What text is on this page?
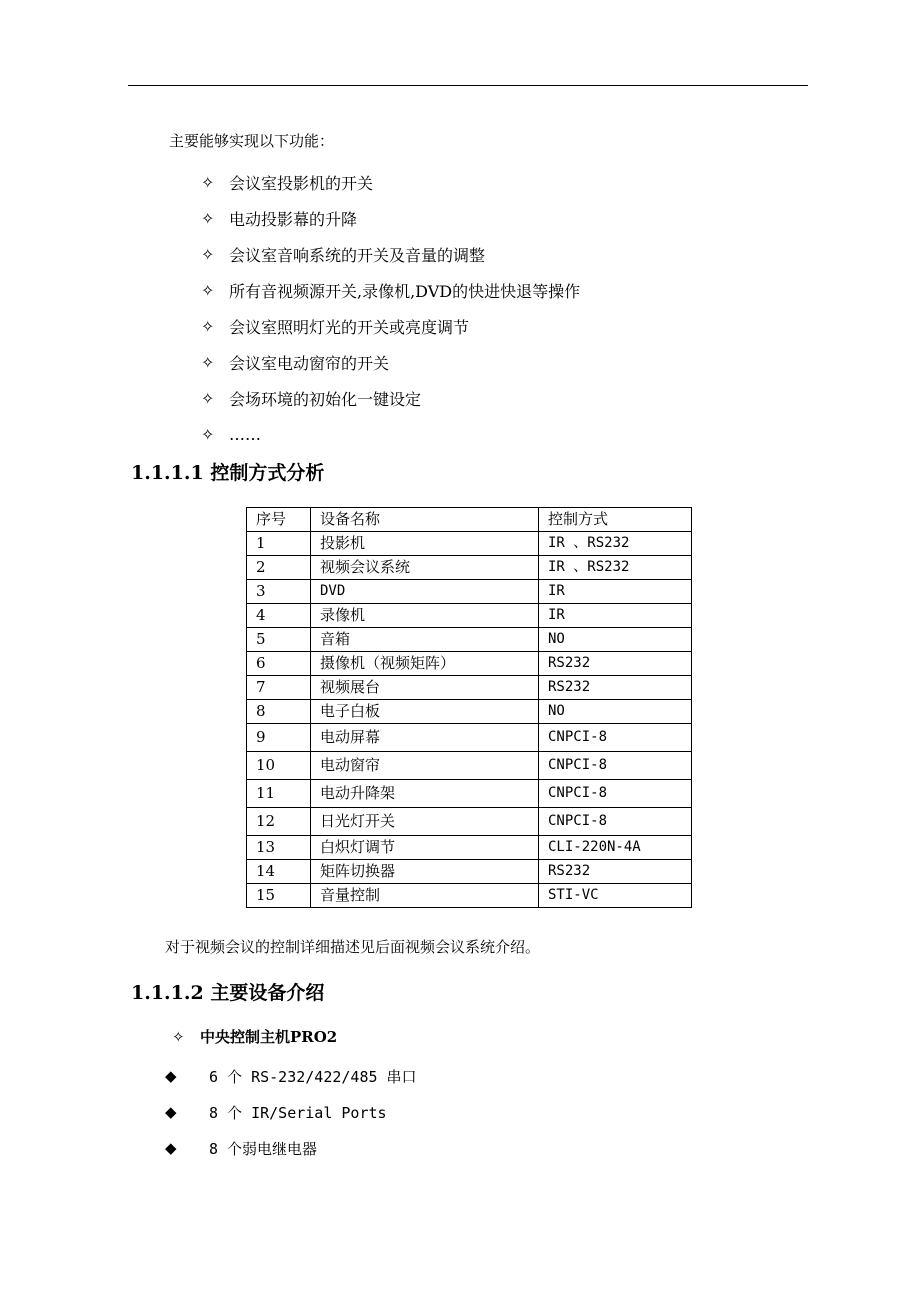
主要能够实现以下功能：
✧ 会议室投影机的开关
✧ 电动投影幕的升降
✧ 会议室音响系统的开关及音量的调整
✧ 所有音视频源开关,录像机,DVD的快进快退等操作
✧ 会议室照明灯光的开关或亮度调节
✧ 会议室电动窗帘的开关
✧ 会场环境的初始化一键设定
✧ ……
1.1.1.1 控制方式分析
序号	设备名称	控制方式
1	投影机	IR 、RS232
2	视频会议系统	IR 、RS232
3	DVD	IR
4	录像机	IR
5	音箱	NO
6	摄像机（视频矩阵）	RS232
7	视频展台	RS232
8	电子白板	NO
9	电动屏幕	CNPCI-8
10	电动窗帘	CNPCI-8
11	电动升降架	CNPCI-8
12	日光灯开关	CNPCI-8
13	白炽灯调节	CLI-220N-4A
14	矩阵切换器	RS232
15	音量控制	STI-VC
对于视频会议的控制详细描述见后面视频会议系统介绍。
1.1.1.2 主要设备介绍
✧	中央控制主机PRO2
◆	6 个 RS-232/422/485 串口
◆	8 个 IR/Serial Ports
◆	8 个弱电继电器
